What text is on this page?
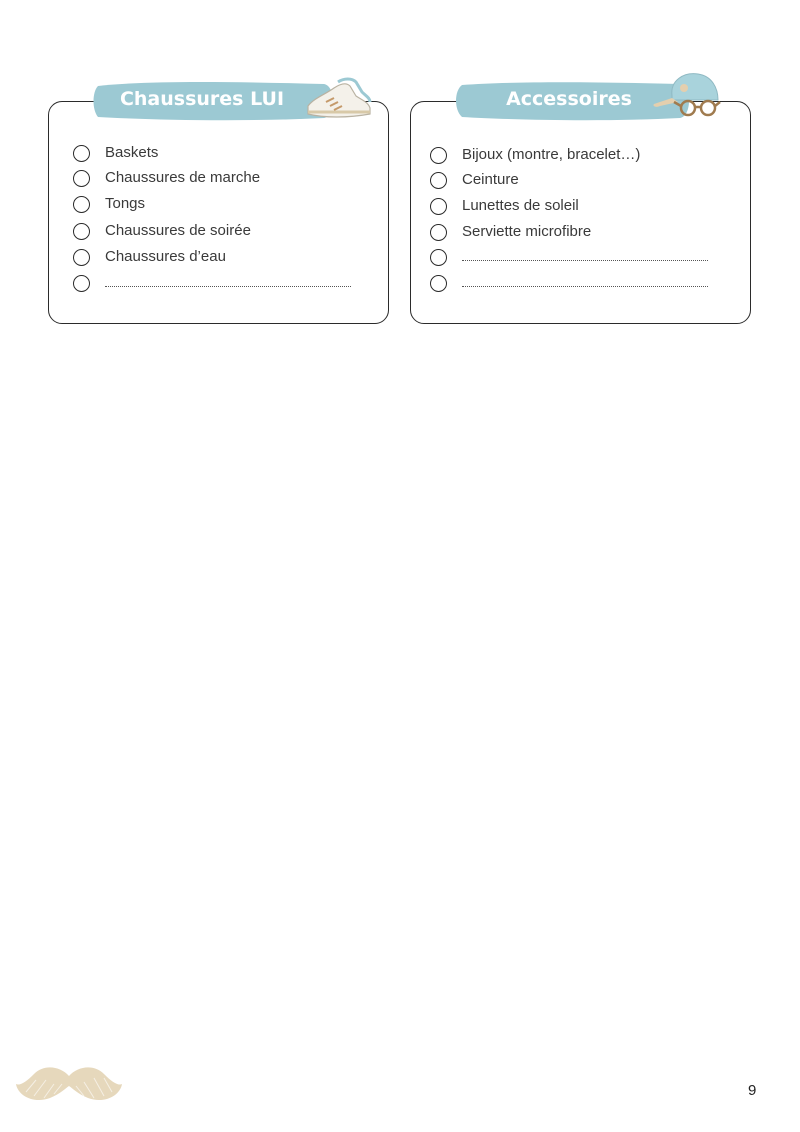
Chaussures LUI
Baskets
Chaussures de marche
Tongs
Chaussures de soirée
Chaussures d’eau
Accessoires
Bijoux (montre, bracelet…)
Ceinture
Lunettes de soleil
Serviette microfibre
9
